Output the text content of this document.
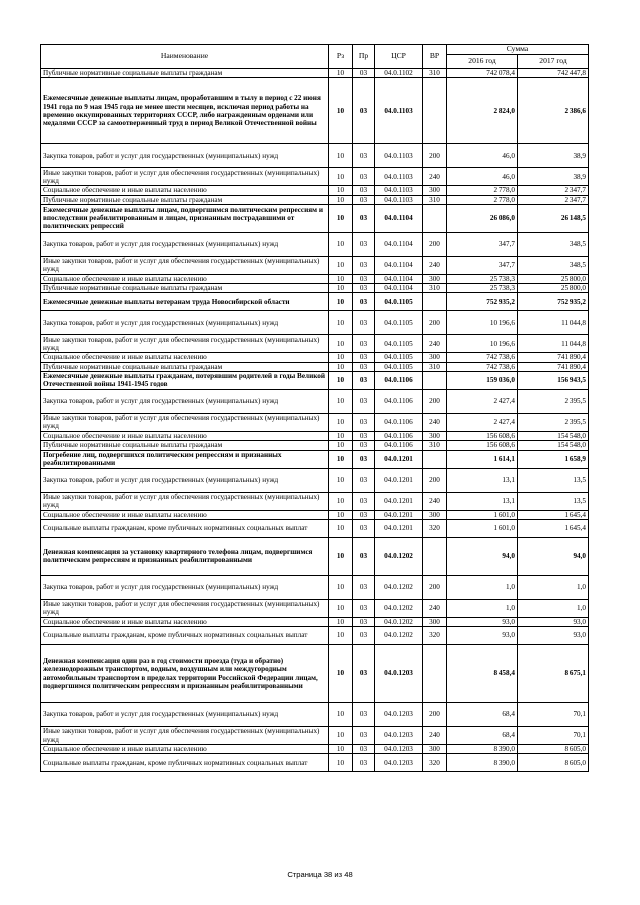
Наименование	Рз	Пр	ЦСР	ВР	Сумма	
					2016 год	2017 год
Публичные нормативные социальные выплаты гражданам	10	03	04.0.1102	310	742 078,4	742 447,8
Ежемесячные денежные выплаты лицам, проработавшим в тылу в период с 22 июня 1941 года по 9 мая 1945 года не менее шести месяцев, исключая период работы на временно оккупированных территориях СССР, либо награжденным орденами или медалями СССР за самоотверженный труд в период Великой Отечественной войны	10	03	04.0.1103		2 824,0	2 386,6
Закупка товаров, работ и услуг для государственных (муниципальных) нужд	10	03	04.0.1103	200	46,0	38,9
Иные закупки товаров, работ и услуг для обеспечения государственных (муниципальных) нужд	10	03	04.0.1103	240	46,0	38,9
Социальное обеспечение и иные выплаты населению	10	03	04.0.1103	300	2 778,0	2 347,7
Публичные нормативные социальные выплаты гражданам	10	03	04.0.1103	310	2 778,0	2 347,7
Ежемесячные денежные выплаты лицам, подвергшимся политическим репрессиям и впоследствии реабилитированным и лицам, признанным пострадавшими от политических репрессий	10	03	04.0.1104		26 086,0	26 148,5
Закупка товаров, работ и услуг для государственных (муниципальных) нужд	10	03	04.0.1104	200	347,7	348,5
Иные закупки товаров, работ и услуг для обеспечения государственных (муниципальных) нужд	10	03	04.0.1104	240	347,7	348,5
Социальное обеспечение и иные выплаты населению	10	03	04.0.1104	300	25 738,3	25 800,0
Публичные нормативные социальные выплаты гражданам	10	03	04.0.1104	310	25 738,3	25 800,0
Ежемесячные денежные выплаты ветеранам труда Новосибирской области	10	03	04.0.1105		752 935,2	752 935,2
Закупка товаров, работ и услуг для государственных (муниципальных) нужд	10	03	04.0.1105	200	10 196,6	11 044,8
Иные закупки товаров, работ и услуг для обеспечения государственных (муниципальных) нужд	10	03	04.0.1105	240	10 196,6	11 044,8
Социальное обеспечение и иные выплаты населению	10	03	04.0.1105	300	742 738,6	741 890,4
Публичные нормативные социальные выплаты гражданам	10	03	04.0.1105	310	742 738,6	741 890,4
Ежемесячные денежные выплаты гражданам, потерявшим родителей в годы Великой Отечественной войны 1941-1945 годов	10	03	04.0.1106		159 036,0	156 943,5
Закупка товаров, работ и услуг для государственных (муниципальных) нужд	10	03	04.0.1106	200	2 427,4	2 395,5
Иные закупки товаров, работ и услуг для обеспечения государственных (муниципальных) нужд	10	03	04.0.1106	240	2 427,4	2 395,5
Социальное обеспечение и иные выплаты населению	10	03	04.0.1106	300	156 608,6	154 548,0
Публичные нормативные социальные выплаты гражданам	10	03	04.0.1106	310	156 608,6	154 548,0
Погребение лиц, подвергшихся политическим репрессиям и признанных реабилитированными	10	03	04.0.1201		1 614,1	1 658,9
Закупка товаров, работ и услуг для государственных (муниципальных) нужд	10	03	04.0.1201	200	13,1	13,5
Иные закупки товаров, работ и услуг для обеспечения государственных (муниципальных) нужд	10	03	04.0.1201	240	13,1	13,5
Социальное обеспечение и иные выплаты населению	10	03	04.0.1201	300	1 601,0	1 645,4
Социальные выплаты гражданам, кроме публичных нормативных социальных выплат	10	03	04.0.1201	320	1 601,0	1 645,4
Денежная компенсация за установку квартирного телефона лицам, подвергшимся политическим репрессиям и признанных реабилитированными	10	03	04.0.1202		94,0	94,0
Закупка товаров, работ и услуг для государственных (муниципальных) нужд	10	03	04.0.1202	200	1,0	1,0
Иные закупки товаров, работ и услуг для обеспечения государственных (муниципальных) нужд	10	03	04.0.1202	240	1,0	1,0
Социальное обеспечение и иные выплаты населению	10	03	04.0.1202	300	93,0	93,0
Социальные выплаты гражданам, кроме публичных нормативных социальных выплат	10	03	04.0.1202	320	93,0	93,0
Денежная компенсация один раз в год стоимости проезда (туда и обратно) железнодорожным транспортом, водным, воздушным или междугородным автомобильным транспортом в пределах территории Российской Федерации лицам, подвергшимся политическим репрессиям и признанным реабилитированными	10	03	04.0.1203		8 458,4	8 675,1
Закупка товаров, работ и услуг для государственных (муниципальных) нужд	10	03	04.0.1203	200	68,4	70,1
Иные закупки товаров, работ и услуг для обеспечения государственных (муниципальных) нужд	10	03	04.0.1203	240	68,4	70,1
Социальное обеспечение и иные выплаты населению	10	03	04.0.1203	300	8 390,0	8 605,0
Социальные выплаты гражданам, кроме публичных нормативных социальных выплат	10	03	04.0.1203	320	8 390,0	8 605,0
Страница 38 из 48
